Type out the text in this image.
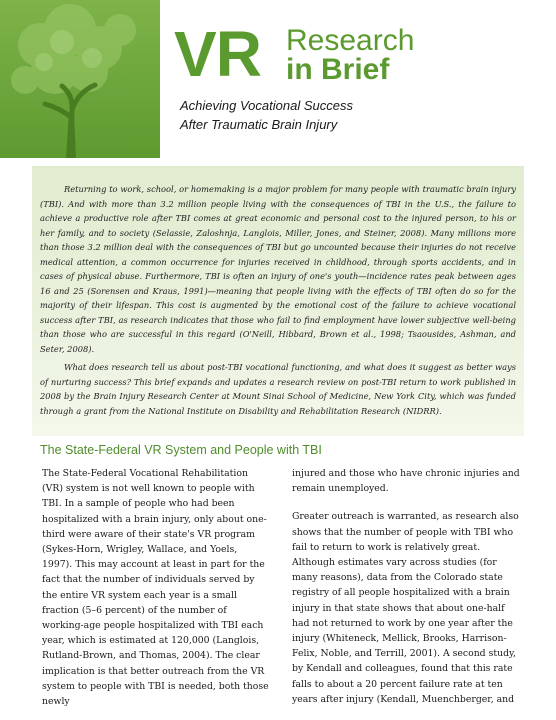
VR Research
in Brief
Achieving Vocational Success
After Traumatic Brain Injury

Returning to work, school, or homemaking is a major problem for many people with traumatic brain injury (TBI). And with more than 3.2 million people living with the consequences of TBI in the U.S., the failure to achieve a productive role after TBI comes at great economic and personal cost to the injured person, to his or her family, and to society (Selassie, Zaloshnja, Langlois, Miller, Jones, and Steiner, 2008). Many millions more than those 3.2 million deal with the consequences of TBI but go uncounted because their injuries do not receive medical attention, a common occurrence for injuries received in childhood, through sports accidents, and in cases of physical abuse. Furthermore, TBI is often an injury of one's youth—incidence rates peak between ages 16 and 25 (Sorensen and Kraus, 1991)—meaning that people living with the effects of TBI often do so for the majority of their lifespan. This cost is augmented by the emotional cost of the failure to achieve vocational success after TBI, as research indicates that those who fail to find employment have lower subjective well-being than those who are successful in this regard (O'Neill, Hibbard, Brown et al., 1998; Tsaousides, Ashman, and Seter, 2008).

What does research tell us about post-TBI vocational functioning, and what does it suggest as better ways of nurturing success? This brief expands and updates a research review on post-TBI return to work published in 2008 by the Brain Injury Research Center at Mount Sinai School of Medicine, New York City, which was funded through a grant from the National Institute on Disability and Rehabilitation Research (NIDRR).

The State-Federal VR System and People with TBI

The State-Federal Vocational Rehabilitation (VR) system is not well known to people with TBI. In a sample of people who had been hospitalized with a brain injury, only about one-third were aware of their state's VR program (Sykes-Horn, Wrigley, Wallace, and Yoels, 1997). This may account at least in part for the fact that the number of individuals served by the entire VR system each year is a small fraction (5–6 percent) of the number of working-age people hospitalized with TBI each year, which is estimated at 120,000 (Langlois, Rutland-Brown, and Thomas, 2004). The clear implication is that better outreach from the VR system to people with TBI is needed, both those newly

injured and those who have chronic injuries and remain unemployed.

Greater outreach is warranted, as research also shows that the number of people with TBI who fail to return to work is relatively great. Although estimates vary across studies (for many reasons), data from the Colorado state registry of all people hospitalized with a brain injury in that state shows that about one-half had not returned to work by one year after the injury (Whiteneck, Mellick, Brooks, Harrison-Felix, Noble, and Terrill, 2001). A second study, by Kendall and colleagues, found that this rate falls to about a 20 percent failure rate at ten years after injury (Kendall, Muenchberger, and
